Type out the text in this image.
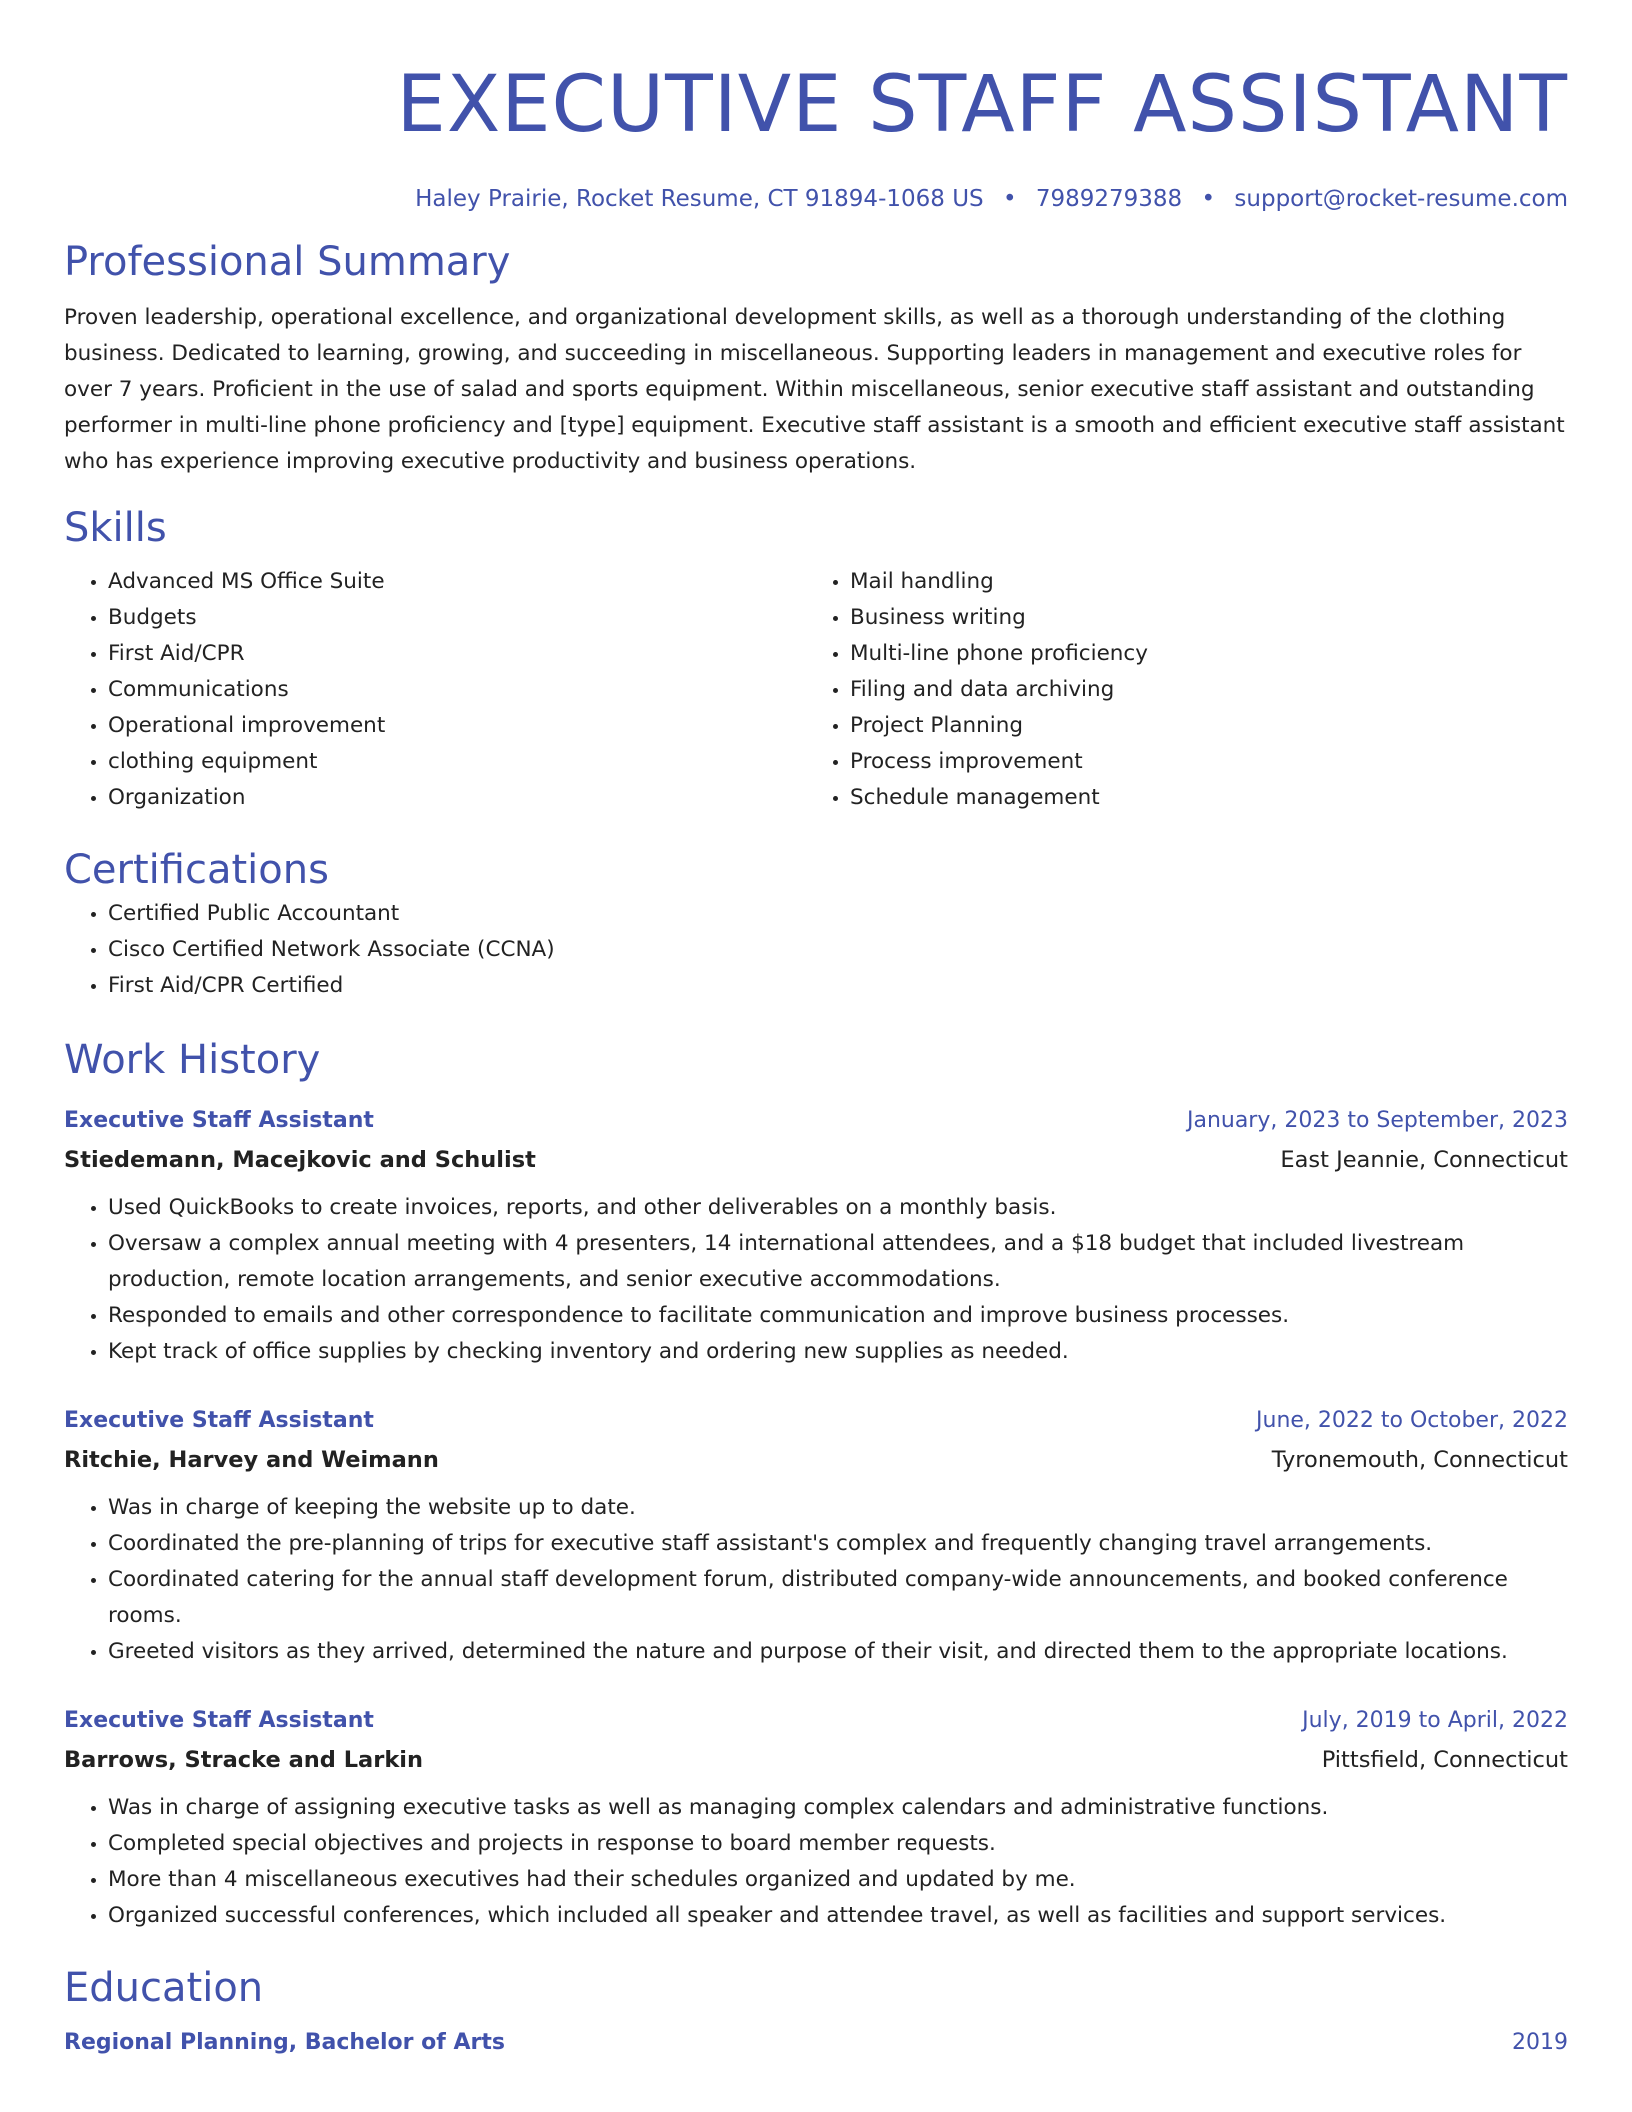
EXECUTIVE STAFF ASSISTANT
Haley Prairie, Rocket Resume, CT 91894-1068 US • 7989279388 • support@rocket-resume.com
Professional Summary

Proven leadership, operational excellence, and organizational development skills, as well as a thorough understanding of the clothing business. Dedicated to learning, growing, and succeeding in miscellaneous. Supporting leaders in management and executive roles for over 7 years. Proficient in the use of salad and sports equipment. Within miscellaneous, senior executive staff assistant and outstanding performer in multi-line phone proficiency and [type] equipment. Executive staff assistant is a smooth and efficient executive staff assistant who has experience improving executive productivity and business operations.

Skills
• Advanced MS Office Suite
• Budgets
• First Aid/CPR
• Communications
• Operational improvement
• clothing equipment
• Organization
• Mail handling
• Business writing
• Multi-line phone proficiency
• Filing and data archiving
• Project Planning
• Process improvement
• Schedule management
Certifications
• Certified Public Accountant
• Cisco Certified Network Associate (CCNA)
• First Aid/CPR Certified
Work History
Executive Staff Assistant	January, 2023 to September, 2023
Stiedemann, Macejkovic and Schulist	East Jeannie, Connecticut
• Used QuickBooks to create invoices, reports, and other deliverables on a monthly basis.
• Oversaw a complex annual meeting with 4 presenters, 14 international attendees, and a $18 budget that included livestream production, remote location arrangements, and senior executive accommodations.
• Responded to emails and other correspondence to facilitate communication and improve business processes.
• Kept track of office supplies by checking inventory and ordering new supplies as needed.
Executive Staff Assistant	June, 2022 to October, 2022
Ritchie, Harvey and Weimann	Tyronemouth, Connecticut
• Was in charge of keeping the website up to date.
• Coordinated the pre-planning of trips for executive staff assistant's complex and frequently changing travel arrangements.
• Coordinated catering for the annual staff development forum, distributed company-wide announcements, and booked conference rooms.
• Greeted visitors as they arrived, determined the nature and purpose of their visit, and directed them to the appropriate locations.
Executive Staff Assistant	July, 2019 to April, 2022
Barrows, Stracke and Larkin	Pittsfield, Connecticut
• Was in charge of assigning executive tasks as well as managing complex calendars and administrative functions.
• Completed special objectives and projects in response to board member requests.
• More than 4 miscellaneous executives had their schedules organized and updated by me.
• Organized successful conferences, which included all speaker and attendee travel, as well as facilities and support services.
Education
Regional Planning, Bachelor of Arts	2019
